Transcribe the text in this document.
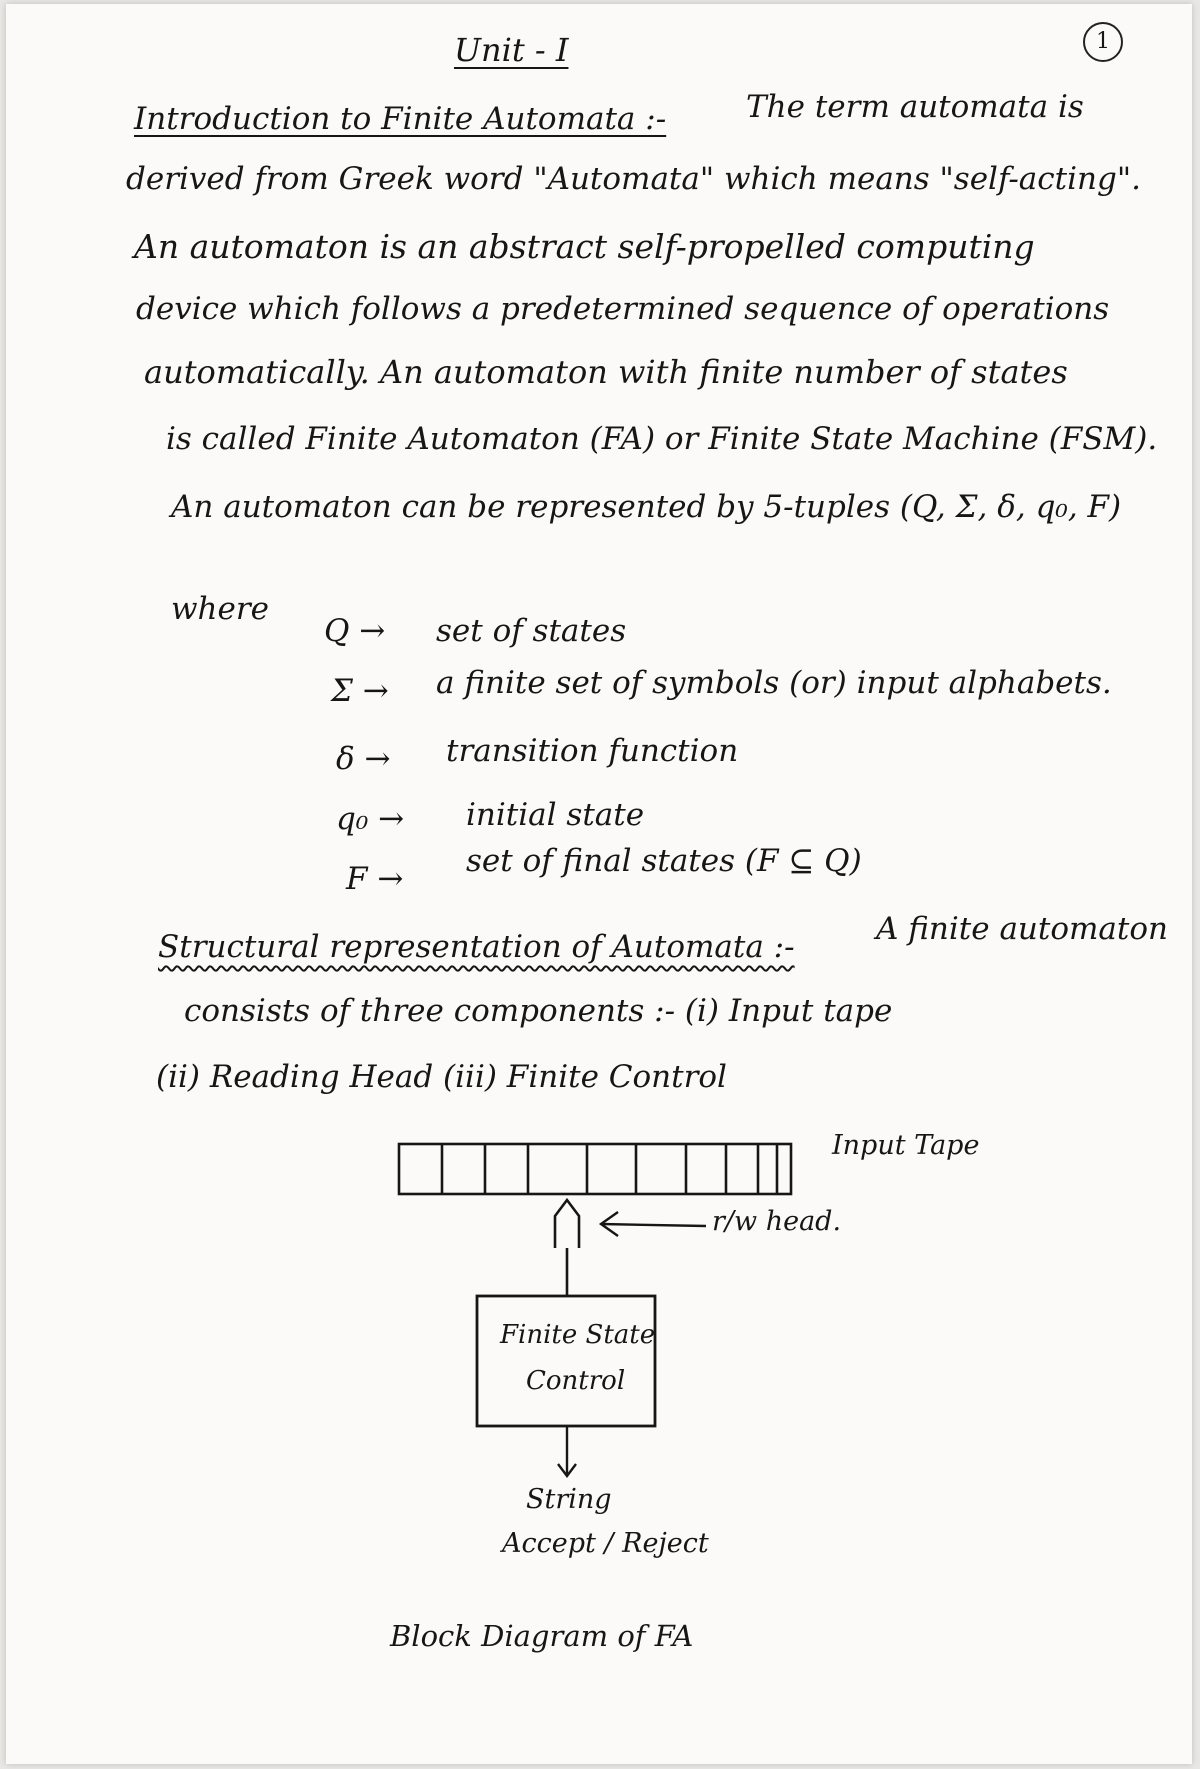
Unit - I	1
Introduction to Finite Automata :-	The term automata is
derived from Greek word "Automata" which means "self-acting".
An automaton is an abstract self-propelled computing
device which follows a predetermined sequence of operations
automatically. An automaton with finite number of states
is called Finite Automaton (FA) or Finite State Machine (FSM).
An automaton can be represented by 5-tuples (Q, Σ, δ, q₀, F)
where
Q → set of states
Σ → a finite set of symbols (or) input alphabets.
δ → transition function
q₀ → initial state
F → set of final states (F ⊆ Q)
Structural representation of Automata :-	A finite automaton
consists of three components :- (i) Input tape
(ii) Reading Head (iii) Finite Control
Input Tape
r/w head.
Finite State
Control
String
Accept / Reject
Block Diagram of FA
